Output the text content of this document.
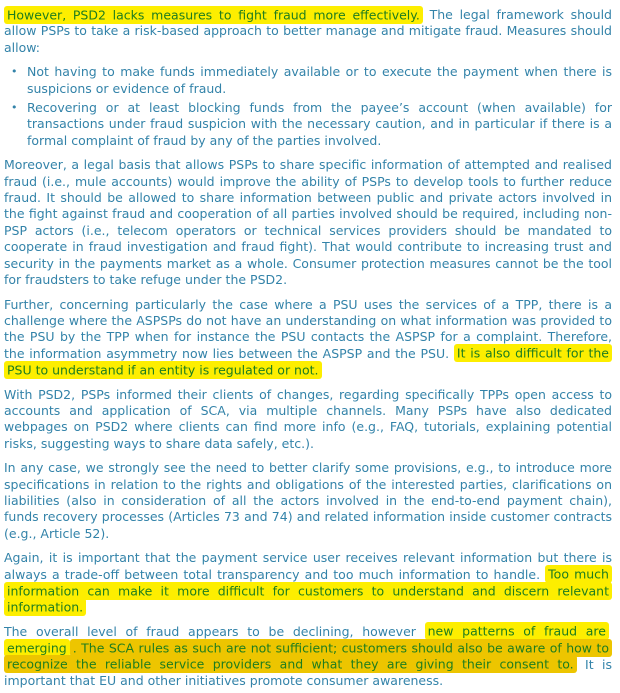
However, PSD2 lacks measures to fight fraud more effectively. The legal framework should allow PSPs to take a risk-based approach to better manage and mitigate fraud. Measures should allow:

• Not having to make funds immediately available or to execute the payment when there is suspicions or evidence of fraud.
• Recovering or at least blocking funds from the payee’s account (when available) for transactions under fraud suspicion with the necessary caution, and in particular if there is a formal complaint of fraud by any of the parties involved.

Moreover, a legal basis that allows PSPs to share specific information of attempted and realised fraud (i.e., mule accounts) would improve the ability of PSPs to develop tools to further reduce fraud. It should be allowed to share information between public and private actors involved in the fight against fraud and cooperation of all parties involved should be required, including non-PSP actors (i.e., telecom operators or technical services providers should be mandated to cooperate in fraud investigation and fraud fight). That would contribute to increasing trust and security in the payments market as a whole. Consumer protection measures cannot be the tool for fraudsters to take refuge under the PSD2.

Further, concerning particularly the case where a PSU uses the services of a TPP, there is a challenge where the ASPSPs do not have an understanding on what information was provided to the PSU by the TPP when for instance the PSU contacts the ASPSP for a complaint. Therefore, the information asymmetry now lies between the ASPSP and the PSU. It is also difficult for the PSU to understand if an entity is regulated or not.

With PSD2, PSPs informed their clients of changes, regarding specifically TPPs open access to accounts and application of SCA, via multiple channels. Many PSPs have also dedicated webpages on PSD2 where clients can find more info (e.g., FAQ, tutorials, explaining potential risks, suggesting ways to share data safely, etc.).

In any case, we strongly see the need to better clarify some provisions, e.g., to introduce more specifications in relation to the rights and obligations of the interested parties, clarifications on liabilities (also in consideration of all the actors involved in the end-to-end payment chain), funds recovery processes (Articles 73 and 74) and related information inside customer contracts (e.g., Article 52).

Again, it is important that the payment service user receives relevant information but there is always a trade-off between total transparency and too much information to handle. Too much information can make it more difficult for customers to understand and discern relevant information.

The overall level of fraud appears to be declining, however new patterns of fraud are emerging . The SCA rules as such are not sufficient; customers should also be aware of how to recognize the reliable service providers and what they are giving their consent to. It is important that EU and other initiatives promote consumer awareness.
